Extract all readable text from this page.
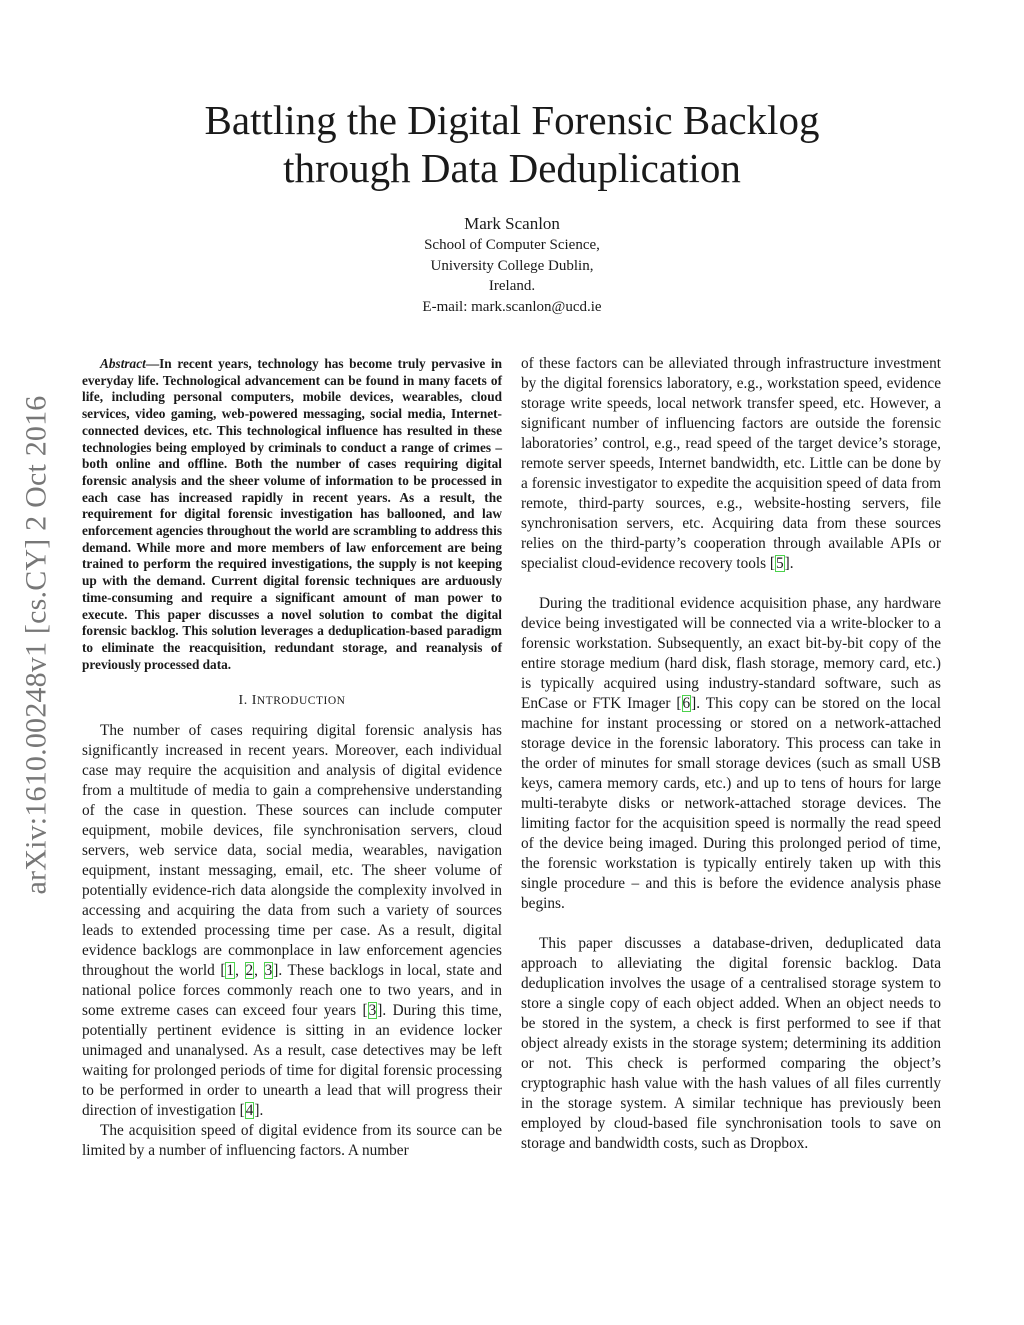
arXiv:1610.00248v1 [cs.CY] 2 Oct 2016
Battling the Digital Forensic Backlog
through Data Deduplication
Mark Scanlon
School of Computer Science,
University College Dublin,
Ireland.
E-mail: mark.scanlon@ucd.ie

Abstract—In recent years, technology has become truly pervasive in everyday life. Technological advancement can be found in many facets of life, including personal computers, mobile devices, wearables, cloud services, video gaming, web-powered messaging, social media, Internet-connected devices, etc. This technological influence has resulted in these technologies being employed by criminals to conduct a range of crimes – both online and offline. Both the number of cases requiring digital forensic analysis and the sheer volume of information to be processed in each case has increased rapidly in recent years. As a result, the requirement for digital forensic investigation has ballooned, and law enforcement agencies throughout the world are scrambling to address this demand. While more and more members of law enforcement are being trained to perform the required investigations, the supply is not keeping up with the demand. Current digital forensic techniques are arduously time-consuming and require a significant amount of man power to execute. This paper discusses a novel solution to combat the digital forensic backlog. This solution leverages a deduplication-based paradigm to eliminate the reacquisition, redundant storage, and reanalysis of previously processed data.

I. INTRODUCTION

The number of cases requiring digital forensic analysis has significantly increased in recent years. Moreover, each individual case may require the acquisition and analysis of digital evidence from a multitude of media to gain a comprehensive understanding of the case in question. These sources can include computer equipment, mobile devices, file synchronisation servers, cloud servers, web service data, social media, wearables, navigation equipment, instant messaging, email, etc. The sheer volume of potentially evidence-rich data alongside the complexity involved in accessing and acquiring the data from such a variety of sources leads to extended processing time per case. As a result, digital evidence backlogs are commonplace in law enforcement agencies throughout the world [1, 2, 3]. These backlogs in local, state and national police forces commonly reach one to two years, and in some extreme cases can exceed four years [3]. During this time, potentially pertinent evidence is sitting in an evidence locker unimaged and unanalysed. As a result, case detectives may be left waiting for prolonged periods of time for digital forensic processing to be performed in order to unearth a lead that will progress their direction of investigation [4].

The acquisition speed of digital evidence from its source can be limited by a number of influencing factors. A number

of these factors can be alleviated through infrastructure investment by the digital forensics laboratory, e.g., workstation speed, evidence storage write speeds, local network transfer speed, etc. However, a significant number of influencing factors are outside the forensic laboratories’ control, e.g., read speed of the target device’s storage, remote server speeds, Internet bandwidth, etc. Little can be done by a forensic investigator to expedite the acquisition speed of data from remote, third-party sources, e.g., website-hosting servers, file synchronisation servers, etc. Acquiring data from these sources relies on the third-party’s cooperation through available APIs or specialist cloud-evidence recovery tools [5].

During the traditional evidence acquisition phase, any hardware device being investigated will be connected via a write-blocker to a forensic workstation. Subsequently, an exact bit-by-bit copy of the entire storage medium (hard disk, flash storage, memory card, etc.) is typically acquired using industry-standard software, such as EnCase or FTK Imager [6]. This copy can be stored on the local machine for instant processing or stored on a network-attached storage device in the forensic laboratory. This process can take in the order of minutes for small storage devices (such as small USB keys, camera memory cards, etc.) and up to tens of hours for large multi-terabyte disks or network-attached storage devices. The limiting factor for the acquisition speed is normally the read speed of the device being imaged. During this prolonged period of time, the forensic workstation is typically entirely taken up with this single procedure – and this is before the evidence analysis phase begins.

This paper discusses a database-driven, deduplicated data approach to alleviating the digital forensic backlog. Data deduplication involves the usage of a centralised storage system to store a single copy of each object added. When an object needs to be stored in the system, a check is first performed to see if that object already exists in the storage system; determining its addition or not. This check is performed comparing the object’s cryptographic hash value with the hash values of all files currently in the storage system. A similar technique has previously been employed by cloud-based file synchronisation tools to save on storage and bandwidth costs, such as Dropbox.
